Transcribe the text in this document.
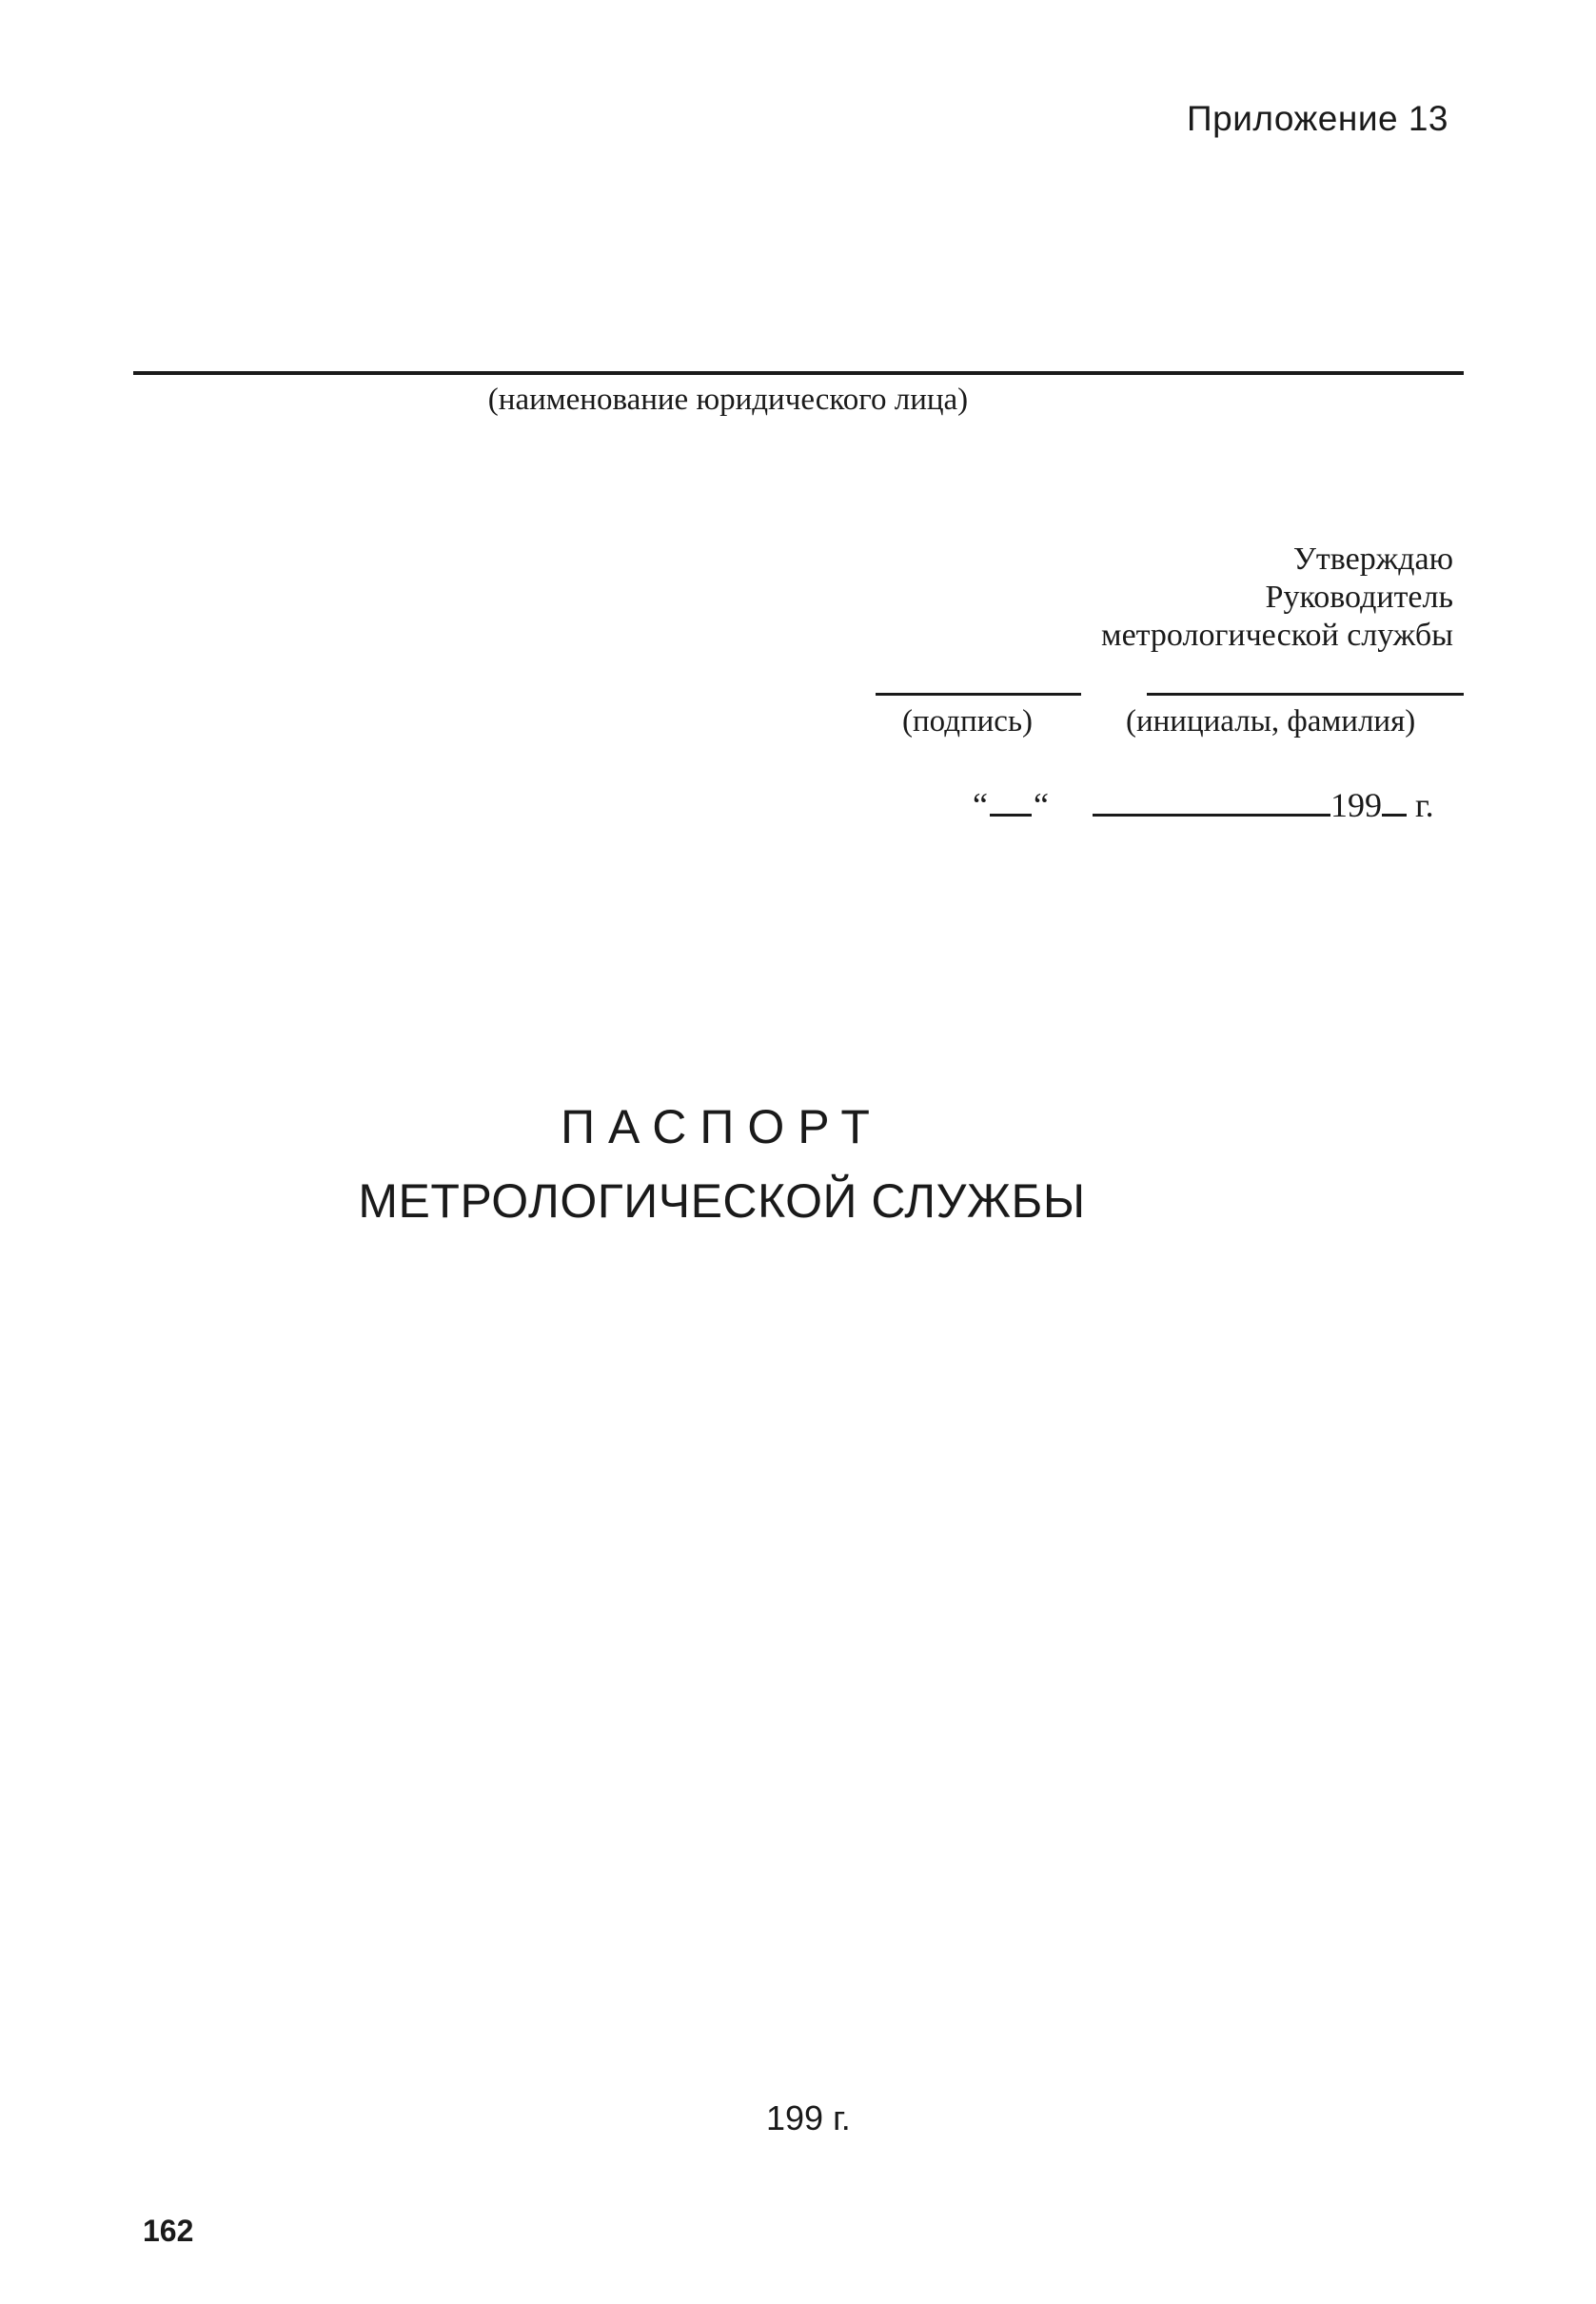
Приложение 13
(наименование юридического лица)
Утверждаю
Руководитель
метрологической службы
(подпись)	(инициалы, фамилия)
“ “	199 г.
ПАСПОРТ
МЕТРОЛОГИЧЕСКОЙ СЛУЖБЫ
199 г.
162
